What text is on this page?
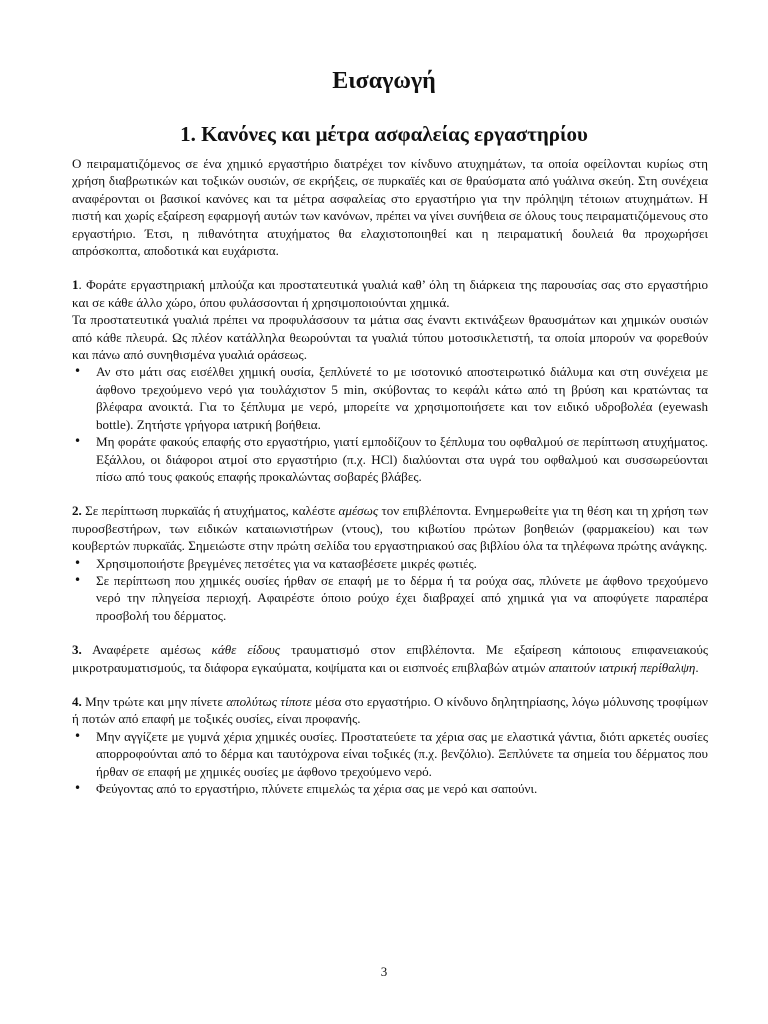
Εισαγωγή
1. Κανόνες και μέτρα ασφαλείας εργαστηρίου

Ο πειραματιζόμενος σε ένα χημικό εργαστήριο διατρέχει τον κίνδυνο ατυχημάτων, τα οποία οφείλονται κυρίως στη χρήση διαβρωτικών και τοξικών ουσιών, σε εκρήξεις, σε πυρκαϊές και σε θραύσματα από γυάλινα σκεύη. Στη συνέχεια αναφέρονται οι βασικοί κανόνες και τα μέτρα ασφαλείας στο εργαστήριο για την πρόληψη τέτοιων ατυχημάτων. Η πιστή και χωρίς εξαίρεση εφαρμογή αυτών των κανόνων, πρέπει να γίνει συνήθεια σε όλους τους πειραματιζόμενους στο εργαστήριο. Έτσι, η πιθανότητα ατυχήματος θα ελαχιστοποιηθεί και η πειραματική δουλειά θα προχωρήσει απρόσκοπτα, αποδοτικά και ευχάριστα.

1. Φοράτε εργαστηριακή μπλούζα και προστατευτικά γυαλιά καθ’ όλη τη διάρκεια της παρουσίας σας στο εργαστήριο και σε κάθε άλλο χώρο, όπου φυλάσσονται ή χρησιμοποιούνται χημικά.

Τα προστατευτικά γυαλιά πρέπει να προφυλάσσουν τα μάτια σας έναντι εκτινάξεων θραυσμάτων και χημικών ουσιών από κάθε πλευρά. Ως πλέον κατάλληλα θεωρούνται τα γυαλιά τύπου μοτοσικλετιστή, τα οποία μπορούν να φορεθούν και πάνω από συνηθισμένα γυαλιά οράσεως.

• Αν στο μάτι σας εισέλθει χημική ουσία, ξεπλύνετέ το με ισοτονικό αποστειρωτικό διάλυμα και στη συνέχεια με άφθονο τρεχούμενο νερό για τουλάχιστον 5 min, σκύβοντας το κεφάλι κάτω από τη βρύση και κρατώντας τα βλέφαρα ανοικτά. Για το ξέπλυμα με νερό, μπορείτε να χρησιμοποιήσετε και τον ειδικό υδροβολέα (eyewash bottle). Ζητήστε γρήγορα ιατρική βοήθεια.
• Μη φοράτε φακούς επαφής στο εργαστήριο, γιατί εμποδίζουν το ξέπλυμα του οφθαλμού σε περίπτωση ατυχήματος. Εξάλλου, οι διάφοροι ατμοί στο εργαστήριο (π.χ. HCl) διαλύονται στα υγρά του οφθαλμού και συσσωρεύονται πίσω από τους φακούς επαφής προκαλώντας σοβαρές βλάβες.

2. Σε περίπτωση πυρκαϊάς ή ατυχήματος, καλέστε αμέσως τον επιβλέποντα. Ενημερωθείτε για τη θέση και τη χρήση των πυροσβεστήρων, των ειδικών καταιωνιστήρων (ντους), του κιβωτίου πρώτων βοηθειών (φαρμακείου) και των κουβερτών πυρκαϊάς. Σημειώστε στην πρώτη σελίδα του εργαστηριακού σας βιβλίου όλα τα τηλέφωνα πρώτης ανάγκης.

• Χρησιμοποιήστε βρεγμένες πετσέτες για να κατασβέσετε μικρές φωτιές.
• Σε περίπτωση που χημικές ουσίες ήρθαν σε επαφή με το δέρμα ή τα ρούχα σας, πλύνετε με άφθονο τρεχούμενο νερό την πληγείσα περιοχή. Αφαιρέστε όποιο ρούχο έχει διαβραχεί από χημικά για να αποφύγετε παραπέρα προσβολή του δέρματος.

3. Αναφέρετε αμέσως κάθε είδους τραυματισμό στον επιβλέποντα. Με εξαίρεση κάποιους επιφανειακούς μικροτραυματισμούς, τα διάφορα εγκαύματα, κοψίματα και οι εισπνοές επιβλαβών ατμών απαιτούν ιατρική περίθαλψη.

4. Μην τρώτε και μην πίνετε απολύτως τίποτε μέσα στο εργαστήριο. Ο κίνδυνο δηλητηρίασης, λόγω μόλυνσης τροφίμων ή ποτών από επαφή με τοξικές ουσίες, είναι προφανής.

• Μην αγγίζετε με γυμνά χέρια χημικές ουσίες. Προστατεύετε τα χέρια σας με ελαστικά γάντια, διότι αρκετές ουσίες απορροφούνται από το δέρμα και ταυτόχρονα είναι τοξικές (π.χ. βενζόλιο). Ξεπλύνετε τα σημεία του δέρματος που ήρθαν σε επαφή με χημικές ουσίες με άφθονο τρεχούμενο νερό.
• Φεύγοντας από το εργαστήριο, πλύνετε επιμελώς τα χέρια σας με νερό και σαπούνι.
3
